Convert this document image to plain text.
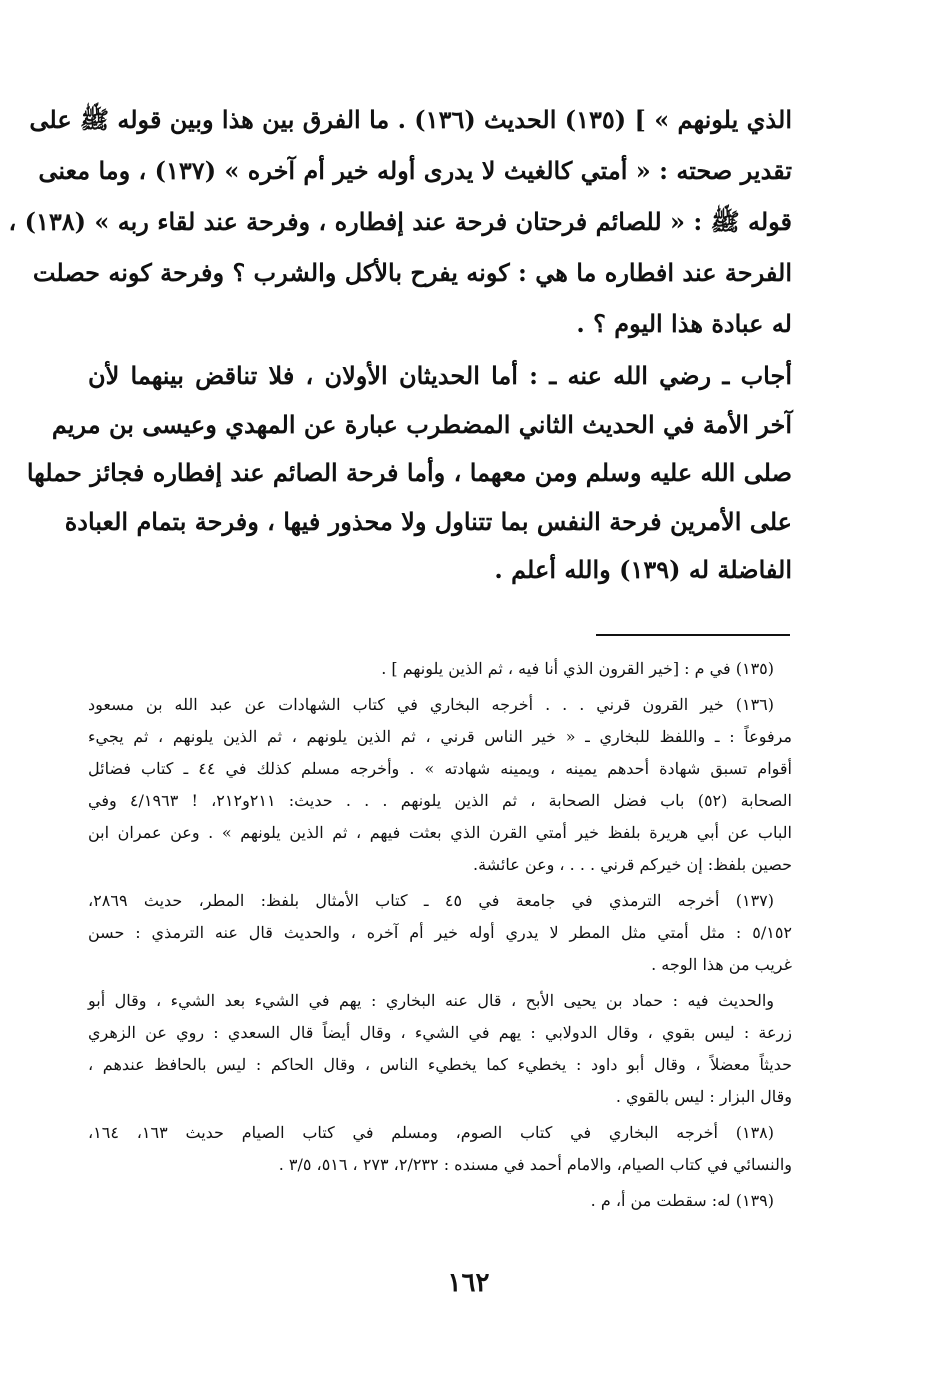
الذي يلونهم » ] (١٣٥) الحديث (١٣٦) . ما الفرق بين هذا وبين قوله ﷺ على
تقدير صحته : « أمتي كالغيث لا يدرى أوله خير أم آخره » (١٣٧) ، وما معنى
قوله ﷺ : « للصائم فرحتان فرحة عند إفطاره ، وفرحة عند لقاء ربه » (١٣٨) ،
الفرحة عند افطاره ما هي : كونه يفرح بالأكل والشرب ؟ وفرحة كونه حصلت
له عبادة هذا اليوم ؟ .
أجاب ـ رضي الله عنه ـ : أما الحديثان الأولان ، فلا تناقض بينهما لأن
آخر الأمة في الحديث الثاني المضطرب عبارة عن المهدي وعيسى بن مريم
صلى الله عليه وسلم ومن معهما ، وأما فرحة الصائم عند إفطاره فجائز حملها
على الأمرين فرحة النفس بما تتناول ولا محذور فيها ، وفرحة بتمام العبادة
الفاضلة له (١٣٩) والله أعلم .
(١٣٥) في م : [خير القرون الذي أنا فيه ، ثم الذين يلونهم ] .
(١٣٦) خير القرون قرني . . . أخرجه البخاري في كتاب الشهادات عن عبد الله بن مسعود
مرفوعاً : ـ واللفظ للبخاري ـ « خير الناس قرني ، ثم الذين يلونهم ، ثم الذين يلونهم ، ثم يجيء
أقوام تسبق شهادة أحدهم يمينه ، ويمينه شهادته » . وأخرجه مسلم كذلك في ٤٤ ـ كتاب فضائل
الصحابة (٥٢) باب فضل الصحابة ، ثم الذين يلونهم . . . حديث: ٢١١و٢١٢، ! ٤/١٩٦٣ وفي
الباب عن أبي هريرة بلفظ خير أمتي القرن الذي بعثت فيهم ، ثم الذين يلونهم » . وعن عمران ابن
حصين بلفظ: إن خيركم قرني . . . ، وعن عائشة.
(١٣٧) أخرجه الترمذي في جامعة في ٤٥ ـ كتاب الأمثال بلفظ: المطر، حديث ٢٨٦٩،
٥/١٥٢ : مثل أمتي مثل المطر لا يدري أوله خير أم آخره ، والحديث قال عنه الترمذي : حسن
غريب من هذا الوجه .
والحديث فيه : حماد بن يحيى الأبح ، قال عنه البخاري : يهم في الشيء بعد الشيء ، وقال أبو
زرعة : ليس بقوي ، وقال الدولابي : يهم في الشيء ، وقال أيضاً قال السعدي : روي عن الزهري
حديثاً معضلاً ، وقال أبو داود : يخطيء كما يخطيء الناس ، وقال الحاكم : ليس بالحافظ عندهم ،
وقال البزار : ليس بالقوي .
(١٣٨) أخرجه البخاري في كتاب الصوم، ومسلم في كتاب الصيام حديث ١٦٣، ١٦٤،
والنسائي في كتاب الصيام، والامام أحمد في مسنده : ٢/٢٣٢، ٢٧٣ ، ٥١٦، ٣/٥ .
(١٣٩) له: سقطت من أ، م .
١٦٢
